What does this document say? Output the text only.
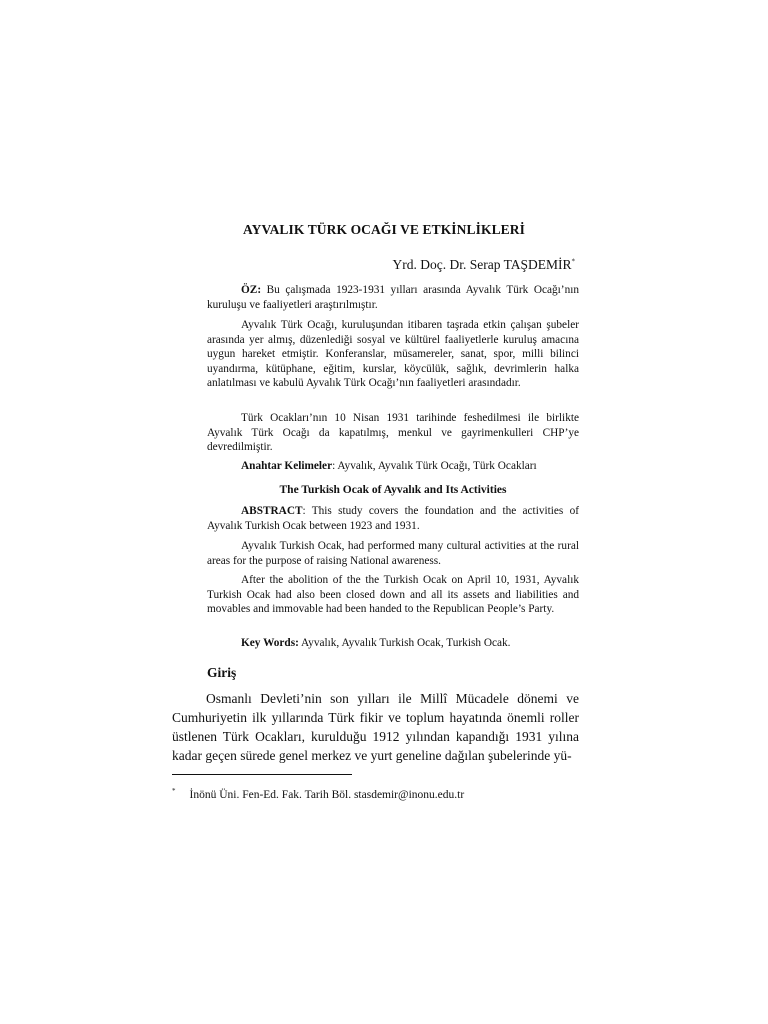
AYVALIK TÜRK OCAĞI VE ETKİNLİKLERİ
Yrd. Doç. Dr. Serap TAŞDEMİR*

ÖZ: Bu çalışmada 1923-1931 yılları arasında Ayvalık Türk Ocağı’nın kuruluşu ve faaliyetleri araştırılmıştır.

Ayvalık Türk Ocağı, kuruluşundan itibaren taşrada etkin çalışan şubeler arasında yer almış, düzenlediği sosyal ve kültürel faaliyetlerle kuruluş amacına uygun hareket etmiştir. Konferanslar, müsamereler, sanat, spor, milli bilinci uyandırma, kütüphane, eğitim, kurslar, köycülük, sağlık, devrimlerin halka anlatılması ve kabulü Ayvalık Türk Ocağı’nın faaliyetleri arasındadır.

Türk Ocakları’nın 10 Nisan 1931 tarihinde feshedilmesi ile birlikte Ayvalık Türk Ocağı da kapatılmış, menkul ve gayrimenkulleri CHP’ye devredilmiştir.

Anahtar Kelimeler: Ayvalık, Ayvalık Türk Ocağı, Türk Ocakları

The Turkish Ocak of Ayvalık and Its Activities

ABSTRACT: This study covers the foundation and the activities of Ayvalık Turkish Ocak between 1923 and 1931.

Ayvalık Turkish Ocak, had performed many cultural activities at the rural areas for the purpose of raising National awareness.

After the abolition of the the Turkish Ocak on April 10, 1931, Ayvalık Turkish Ocak had also been closed down and all its assets and liabilities and movables and immovable had been handed to the Republican People’s Party.

Key Words: Ayvalık, Ayvalık Turkish Ocak, Turkish Ocak.

Giriş

Osmanlı Devleti’nin son yılları ile Millî Mücadele dönemi ve Cumhuriyetin ilk yıllarında Türk fikir ve toplum hayatında önemli roller üstlenen Türk Ocakları, kurulduğu 1912 yılından kapandığı 1931 yılına kadar geçen sürede genel merkez ve yurt geneline dağılan şubelerinde yü-

* İnönü Üni. Fen-Ed. Fak. Tarih Böl. stasdemir@inonu.edu.tr
